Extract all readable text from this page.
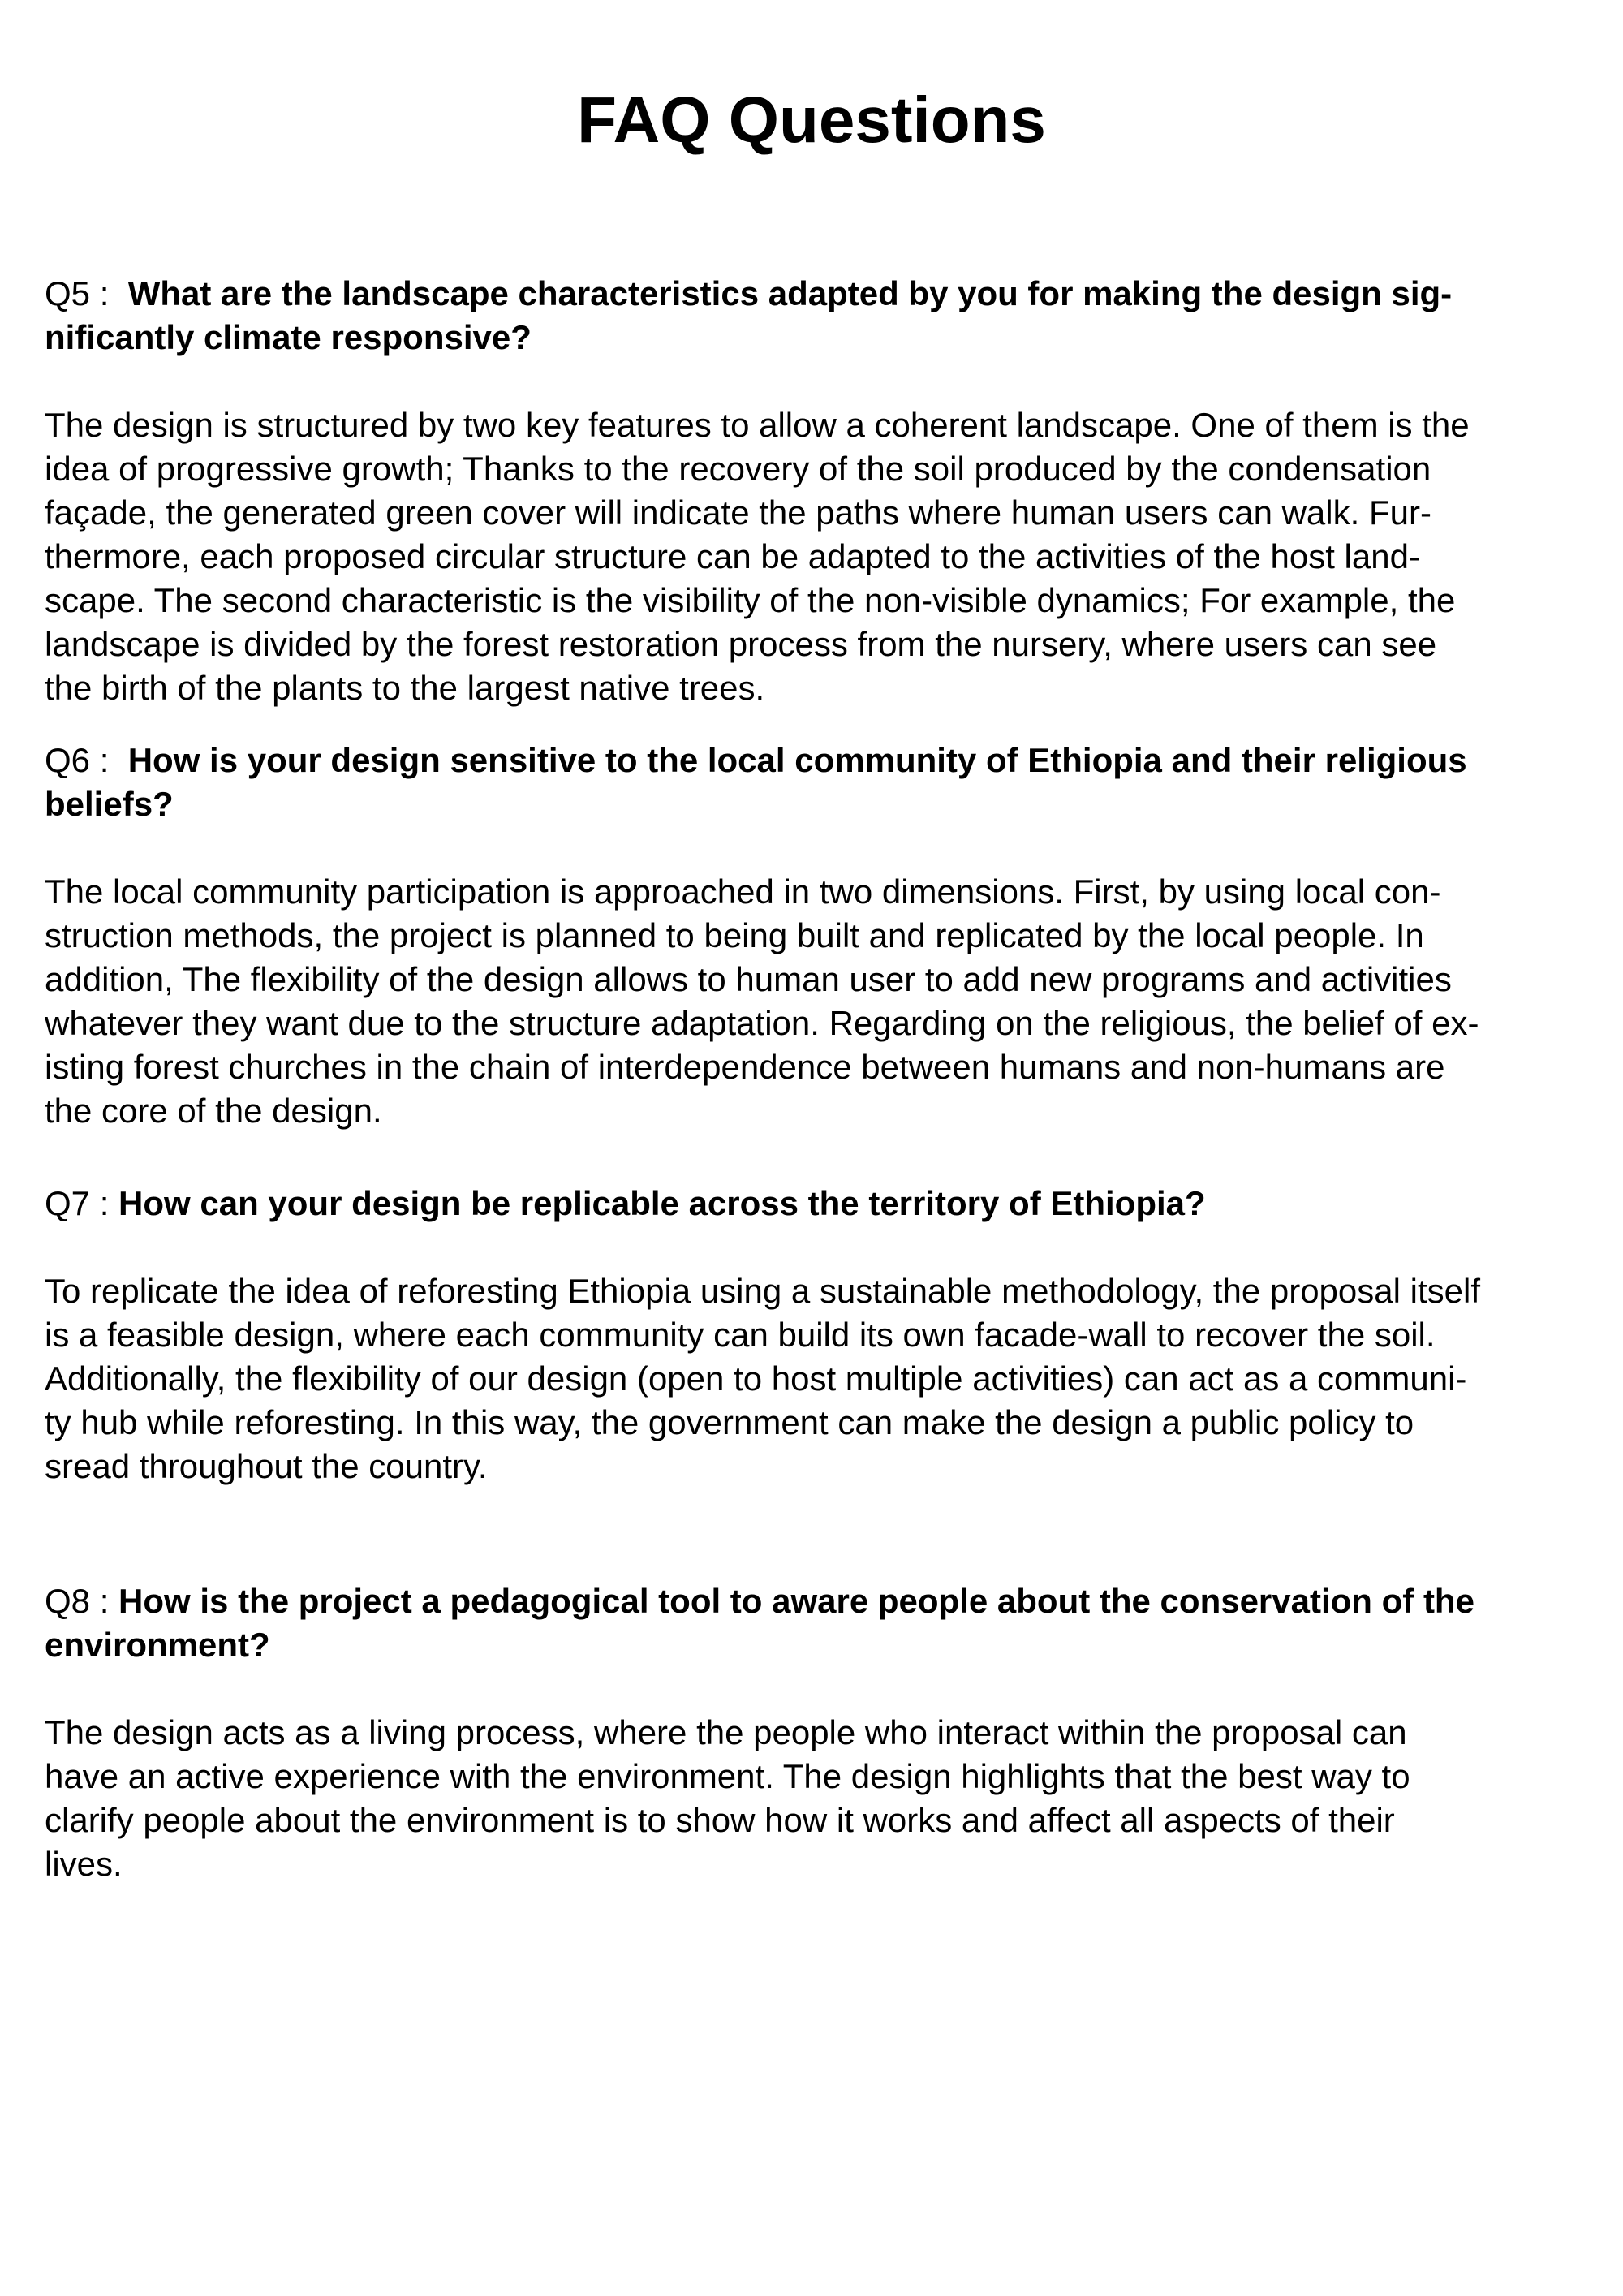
FAQ Questions

Q5 : What are the landscape characteristics adapted by you for making the design sig-
nificantly climate responsive?

The design is structured by two key features to allow a coherent landscape. One of them is the
idea of progressive growth; Thanks to the recovery of the soil produced by the condensation
façade, the generated green cover will indicate the paths where human users can walk. Fur-
thermore, each proposed circular structure can be adapted to the activities of the host land-
scape. The second characteristic is the visibility of the non-visible dynamics; For example, the
landscape is divided by the forest restoration process from the nursery, where users can see
the birth of the plants to the largest native trees.

Q6 : How is your design sensitive to the local community of Ethiopia and their religious
beliefs?

The local community participation is approached in two dimensions. First, by using local con-
struction methods, the project is planned to being built and replicated by the local people. In
addition, The flexibility of the design allows to human user to add new programs and activities
whatever they want due to the structure adaptation. Regarding on the religious, the belief of ex-
isting forest churches in the chain of interdependence between humans and non-humans are
the core of the design.

Q7 : How can your design be replicable across the territory of Ethiopia?

To replicate the idea of reforesting Ethiopia using a sustainable methodology, the proposal itself
is a feasible design, where each community can build its own facade-wall to recover the soil.
Additionally, the flexibility of our design (open to host multiple activities) can act as a communi-
ty hub while reforesting. In this way, the government can make the design a public policy to
sread throughout the country.

Q8 : How is the project a pedagogical tool to aware people about the conservation of the
environment?

The design acts as a living process, where the people who interact within the proposal can
have an active experience with the environment. The design highlights that the best way to
clarify people about the environment is to show how it works and affect all aspects of their
lives.
